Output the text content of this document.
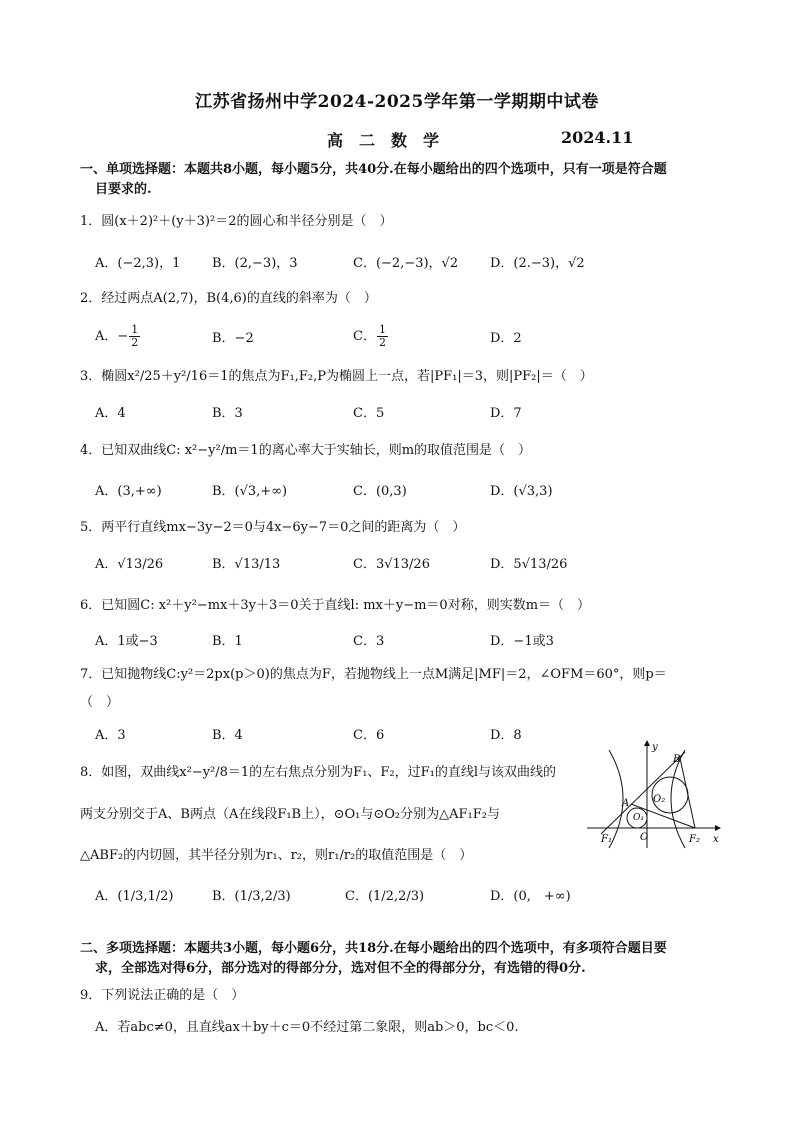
江苏省扬州中学2024-2025学年第一学期期中试卷
高　二　数　学	2024.11
一、单项选择题：本题共8小题，每小题5分，共40分.在每小题给出的四个选项中，只有一项是符合题
目要求的.
1．圆(x＋2)²＋(y＋3)²＝2的圆心和半径分别是（　）
A．(−2,3)，1 B．(2,−3)，3	C．(−2,−3)，√2 D．(2.−3)，√2
2．经过两点A(2,7)，B(4,6)的直线的斜率为（　）
A．− $\frac{1}{2}$	B．−2	C． $\frac{1}{2}$	D．2
3．椭圆x²/25＋y²/16＝1的焦点为F₁,F₂,P为椭圆上一点，若|PF₁|＝3，则|PF₂|＝（　）
A．4	B．3	C．5	D．7
4．已知双曲线C: x²−y²/m＝1的离心率大于实轴长，则m的取值范围是（　）
A．(3,+∞)	B．(√3,+∞)	C．(0,3)	D．(√3,3)
5．两平行直线mx−3y−2＝0与4x−6y−7＝0之间的距离为（　）
A．√13/26	B．√13/13	C．3√13/26	D．5√13/26
6．已知圆C: x²＋y²−mx＋3y＋3＝0关于直线l: mx＋y−m＝0对称，则实数m＝（　）
A．1或−3	B．1	C．3	D．−1或3
7．已知抛物线C:y²＝2px(p＞0)的焦点为F，若抛物线上一点M满足|MF|＝2，∠OFM＝60°，则p＝
（　）
A．3	B．4	C．6	D．8
8．如图，双曲线x²−y²/8＝1的左右焦点分别为F₁、F₂，过F₁的直线l与该双曲线的
两支分别交于A、B两点（A在线段F₁B上），⊙O₁与⊙O₂分别为△AF₁F₂与
△ABF₂的内切圆，其半径分别为r₁、r₂，则r₁/r₂的取值范围是（　）
A．(1/3,1/2)	B．(1/3,2/3)	C．(1/2,2/3)	D．(0,　+∞)
y
x
B
A O₂
O₁
O
F₁	F₂
二、多项选择题：本题共3小题，每小题6分，共18分.在每小题给出的四个选项中，有多项符合题目要
求，全部选对得6分，部分选对的得部分分，选对但不全的得部分分，有选错的得0分.
9．下列说法正确的是（　）
A．若abc≠0，且直线ax＋by＋c＝0不经过第二象限，则ab＞0，bc＜0.
